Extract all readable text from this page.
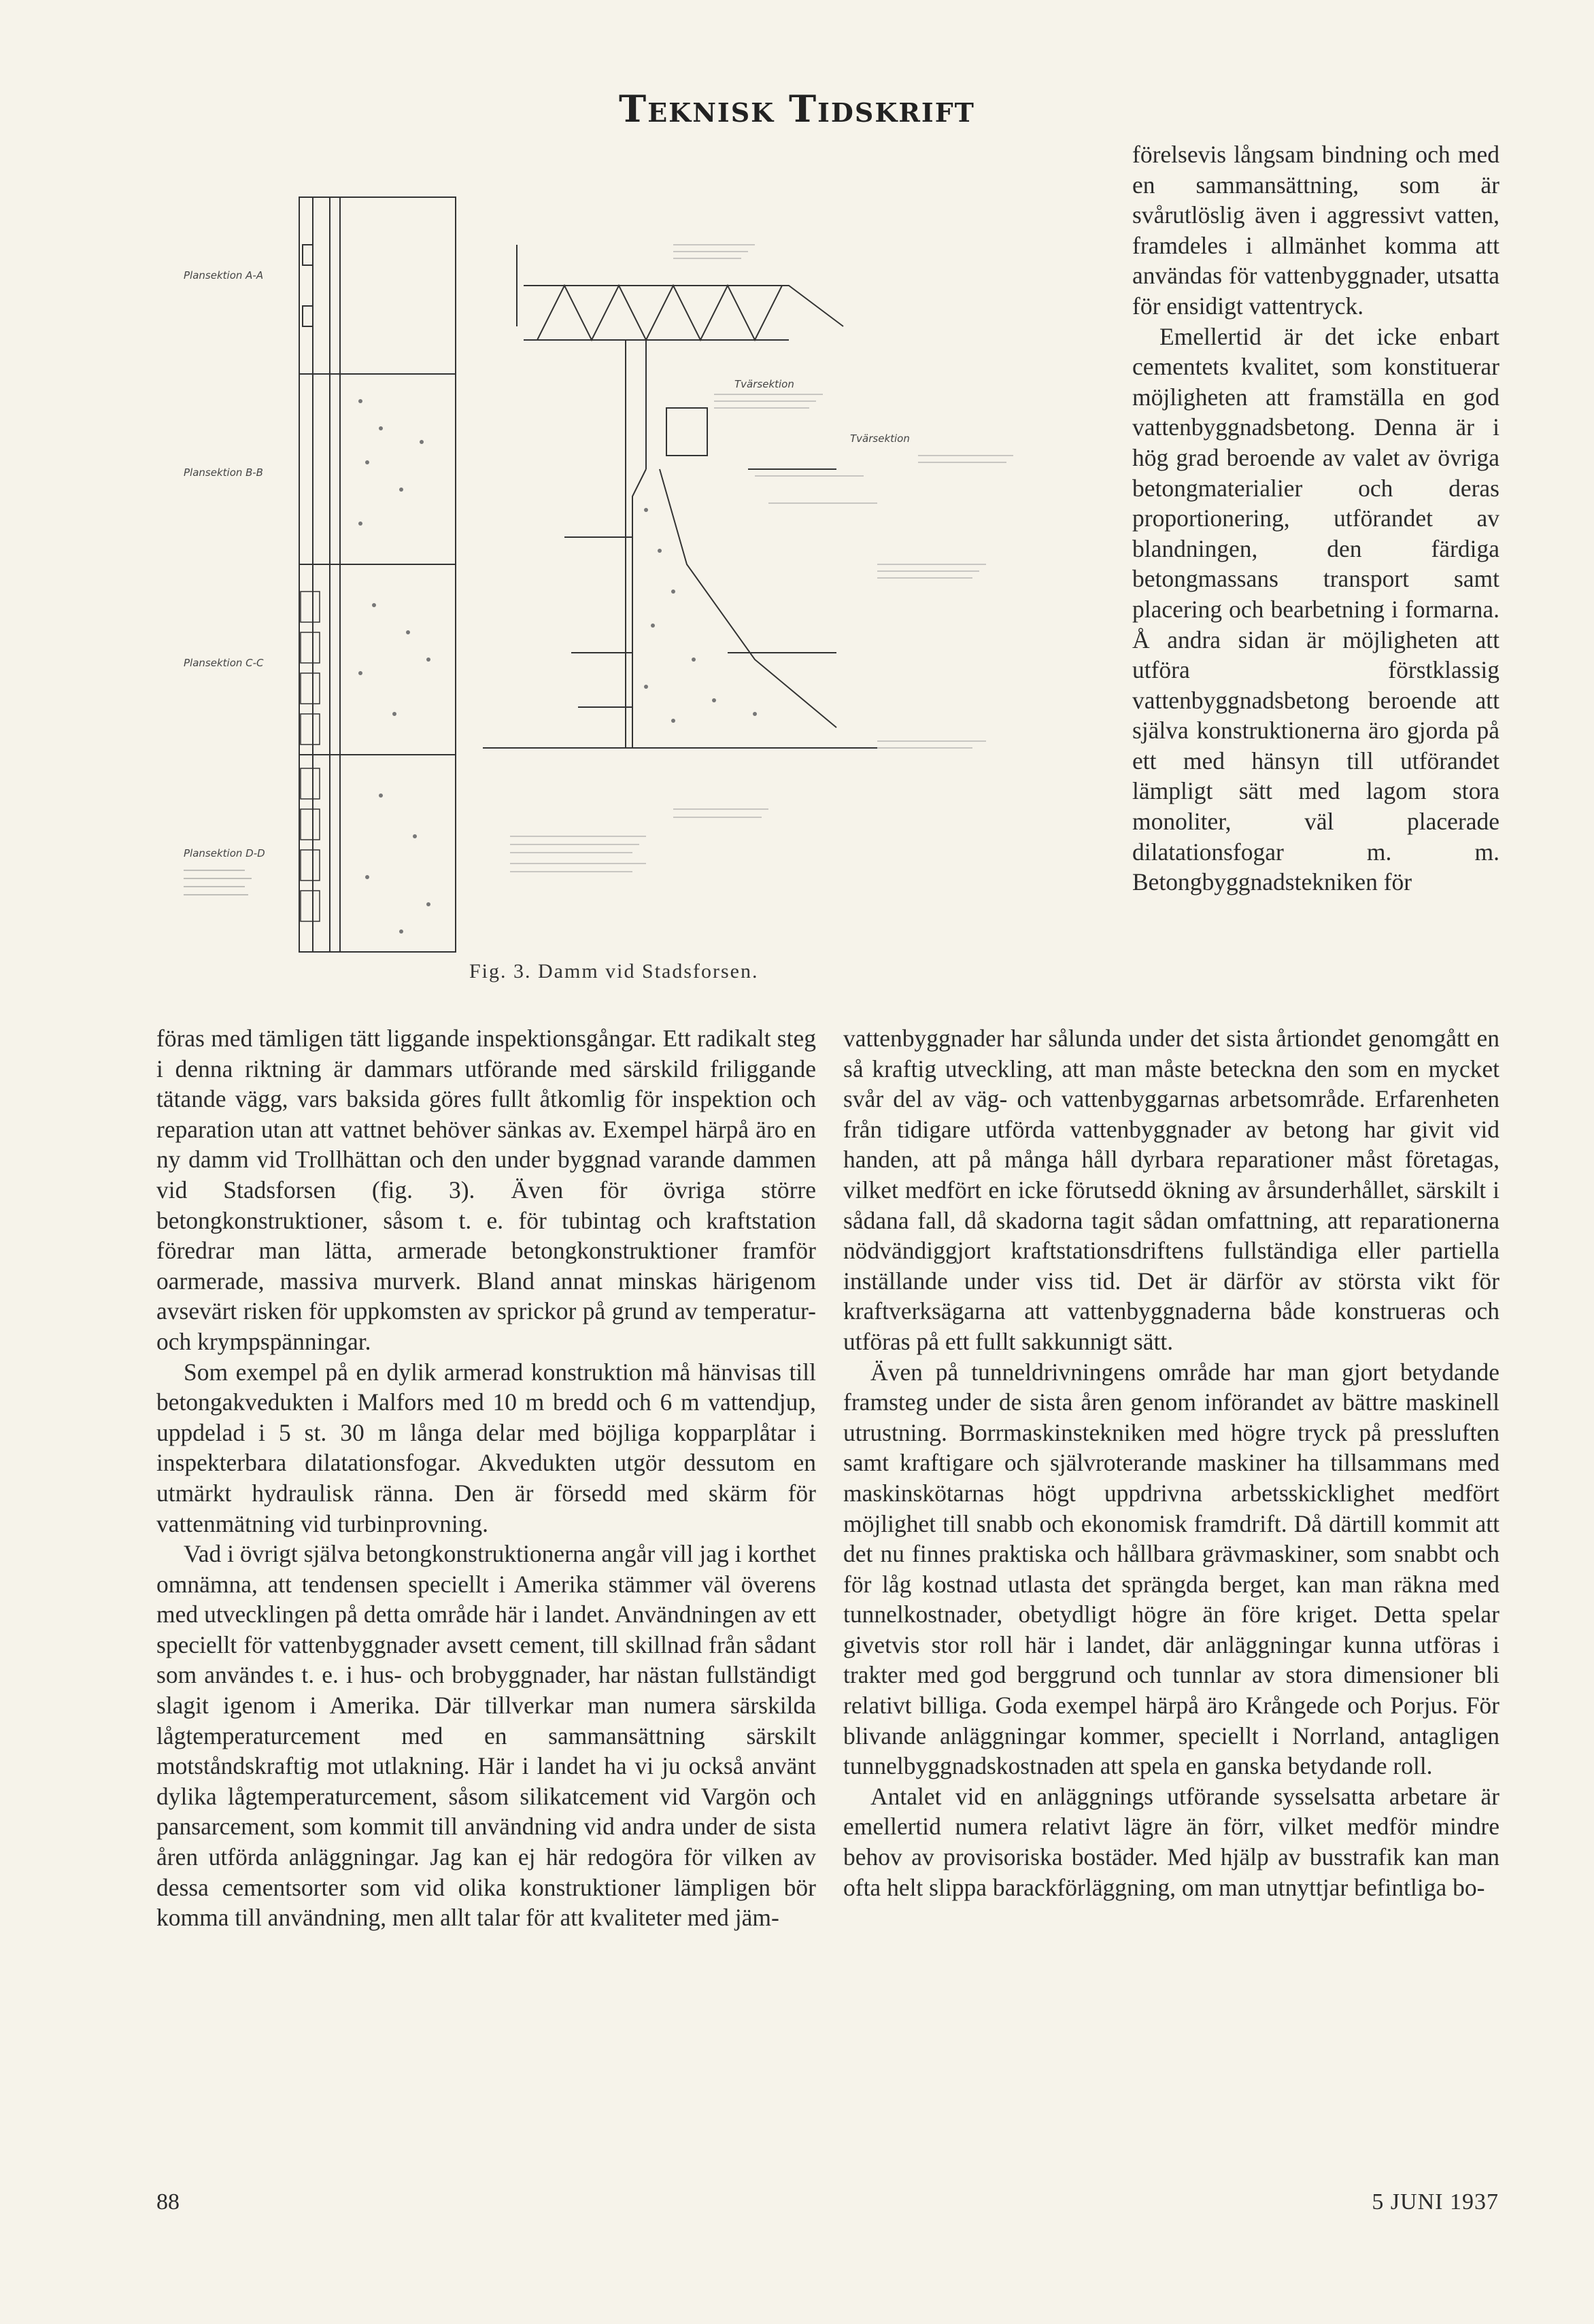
Teknisk Tidskrift
Plansektion A-A
Plansektion B-B
Plansektion C-C
Plansektion D-D
Tvärsektion
Tvärsektion
Fig. 3. Damm vid Stadsforsen.

förelsevis långsam bindning och med en sammansättning, som är svårutlöslig även i aggressivt vatten, framdeles i allmänhet komma att användas för vattenbyggnader, utsatta för ensidigt vattentryck.

Emellertid är det icke enbart cementets kvalitet, som konstituerar möjligheten att framställa en god vattenbyggnadsbetong. Denna är i hög grad beroende av valet av övriga betongmaterialier och deras proportionering, utförandet av blandningen, den färdiga betongmassans transport samt placering och bearbetning i formarna. Å andra sidan är möjligheten att utföra förstklassig vattenbyggnadsbetong beroende att själva konstruktionerna äro gjorda på ett med hänsyn till utförandet lämpligt sätt med lagom stora monoliter, väl placerade dilatationsfogar m. m. Betongbyggnadstekniken för

föras med tämligen tätt liggande inspektionsgångar. Ett radikalt steg i denna riktning är dammars utförande med särskild friliggande tätande vägg, vars baksida göres fullt åtkomlig för inspektion och reparation utan att vattnet behöver sänkas av. Exempel härpå äro en ny damm vid Trollhättan och den under byggnad varande dammen vid Stadsforsen (fig. 3). Även för övriga större betongkonstruktioner, såsom t. e. för tubintag och kraftstation föredrar man lätta, armerade betongkonstruktioner framför oarmerade, massiva murverk. Bland annat minskas härigenom avsevärt risken för uppkomsten av sprickor på grund av temperatur- och krympspänningar.

Som exempel på en dylik armerad konstruktion må hänvisas till betongakvedukten i Malfors med 10 m bredd och 6 m vattendjup, uppdelad i 5 st. 30 m långa delar med böjliga kopparplåtar i inspekterbara dilatationsfogar. Akvedukten utgör dessutom en utmärkt hydraulisk ränna. Den är försedd med skärm för vattenmätning vid turbinprovning.

Vad i övrigt själva betongkonstruktionerna angår vill jag i korthet omnämna, att tendensen speciellt i Amerika stämmer väl överens med utvecklingen på detta område här i landet. Användningen av ett speciellt för vattenbyggnader avsett cement, till skillnad från sådant som användes t. e. i hus- och brobyggnader, har nästan fullständigt slagit igenom i Amerika. Där tillverkar man numera särskilda lågtemperaturcement med en sammansättning särskilt motståndskraftig mot utlakning. Här i landet ha vi ju också använt dylika lågtemperaturcement, såsom silikatcement vid Vargön och pansarcement, som kommit till användning vid andra under de sista åren utförda anläggningar. Jag kan ej här redogöra för vilken av dessa cementsorter som vid olika konstruktioner lämpligen bör komma till användning, men allt talar för att kvaliteter med jäm-

vattenbyggnader har sålunda under det sista årtiondet genomgått en så kraftig utveckling, att man måste beteckna den som en mycket svår del av väg- och vattenbyggarnas arbetsområde. Erfarenheten från tidigare utförda vattenbyggnader av betong har givit vid handen, att på många håll dyrbara reparationer måst företagas, vilket medfört en icke förutsedd ökning av årsunderhållet, särskilt i sådana fall, då skadorna tagit sådan omfattning, att reparationerna nödvändiggjort kraftstationsdriftens fullständiga eller partiella inställande under viss tid. Det är därför av största vikt för kraftverksägarna att vattenbyggnaderna både konstrueras och utföras på ett fullt sakkunnigt sätt.

Även på tunneldrivningens område har man gjort betydande framsteg under de sista åren genom införandet av bättre maskinell utrustning. Borrmaskinstekniken med högre tryck på pressluften samt kraftigare och självroterande maskiner ha tillsammans med maskinskötarnas högt uppdrivna arbetsskicklighet medfört möjlighet till snabb och ekonomisk framdrift. Då därtill kommit att det nu finnes praktiska och hållbara grävmaskiner, som snabbt och för låg kostnad utlasta det sprängda berget, kan man räkna med tunnelkostnader, obetydligt högre än före kriget. Detta spelar givetvis stor roll här i landet, där anläggningar kunna utföras i trakter med god berggrund och tunnlar av stora dimensioner bli relativt billiga. Goda exempel härpå äro Krångede och Porjus. För blivande anläggningar kommer, speciellt i Norrland, antagligen tunnelbyggnadskostnaden att spela en ganska betydande roll.

Antalet vid en anläggnings utförande sysselsatta arbetare är emellertid numera relativt lägre än förr, vilket medför mindre behov av provisoriska bostäder. Med hjälp av busstrafik kan man ofta helt slippa barackförläggning, om man utnyttjar befintliga bo-

88	5 JUNI 1937
